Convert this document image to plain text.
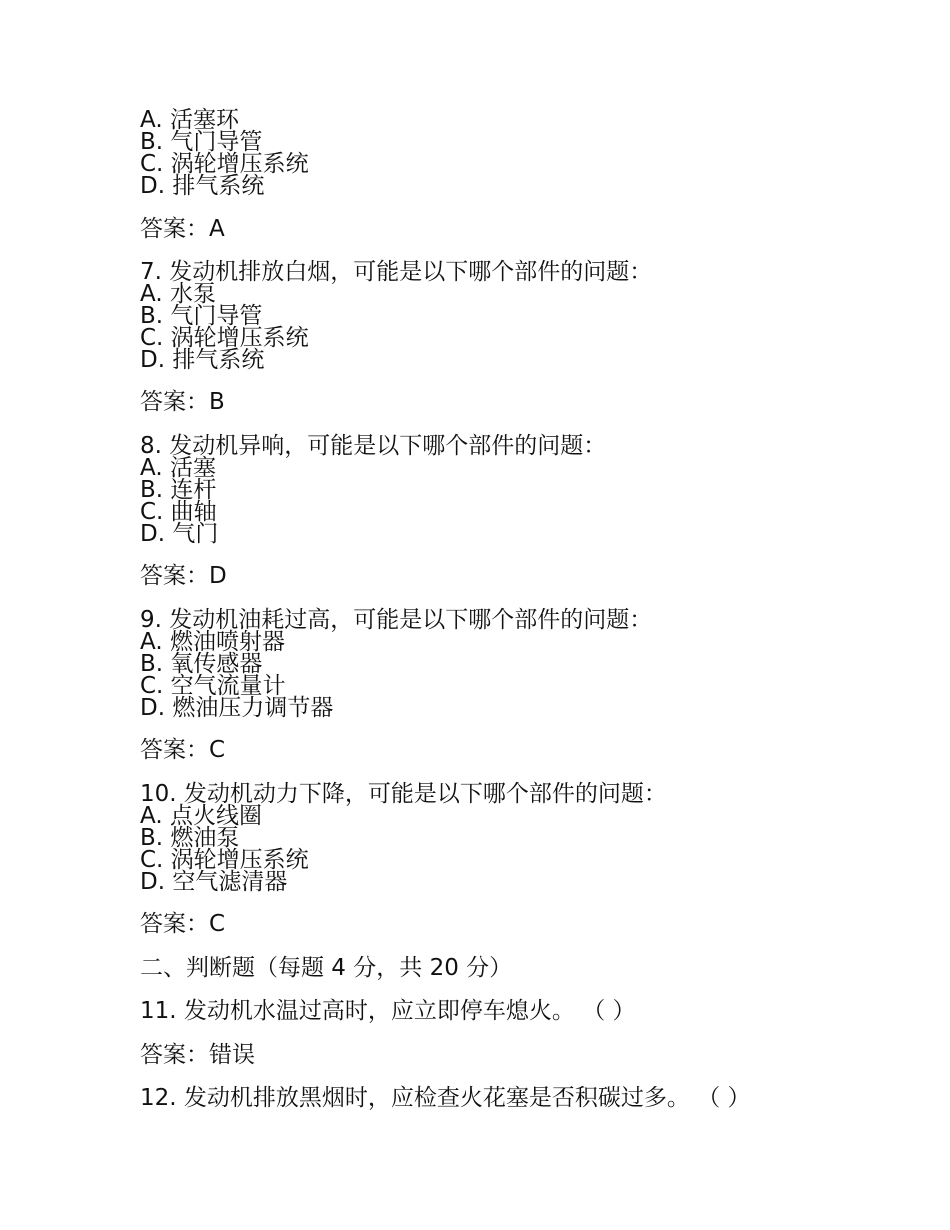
A. 活塞环
B. 气门导管
C. 涡轮增压系统
D. 排气系统
答案：A
7. 发动机排放白烟，可能是以下哪个部件的问题：
A. 水泵
B. 气门导管
C. 涡轮增压系统
D. 排气系统
答案：B
8. 发动机异响，可能是以下哪个部件的问题：
A. 活塞
B. 连杆
C. 曲轴
D. 气门
答案：D
9. 发动机油耗过高，可能是以下哪个部件的问题：
A. 燃油喷射器
B. 氧传感器
C. 空气流量计
D. 燃油压力调节器
答案：C
10. 发动机动力下降，可能是以下哪个部件的问题：
A. 点火线圈
B. 燃油泵
C. 涡轮增压系统
D. 空气滤清器
答案：C
二、判断题（每题 4 分，共 20 分）
11. 发动机水温过高时，应立即停车熄火。 （ ）
答案：错误
12. 发动机排放黑烟时，应检查火花塞是否积碳过多。 （ ）
